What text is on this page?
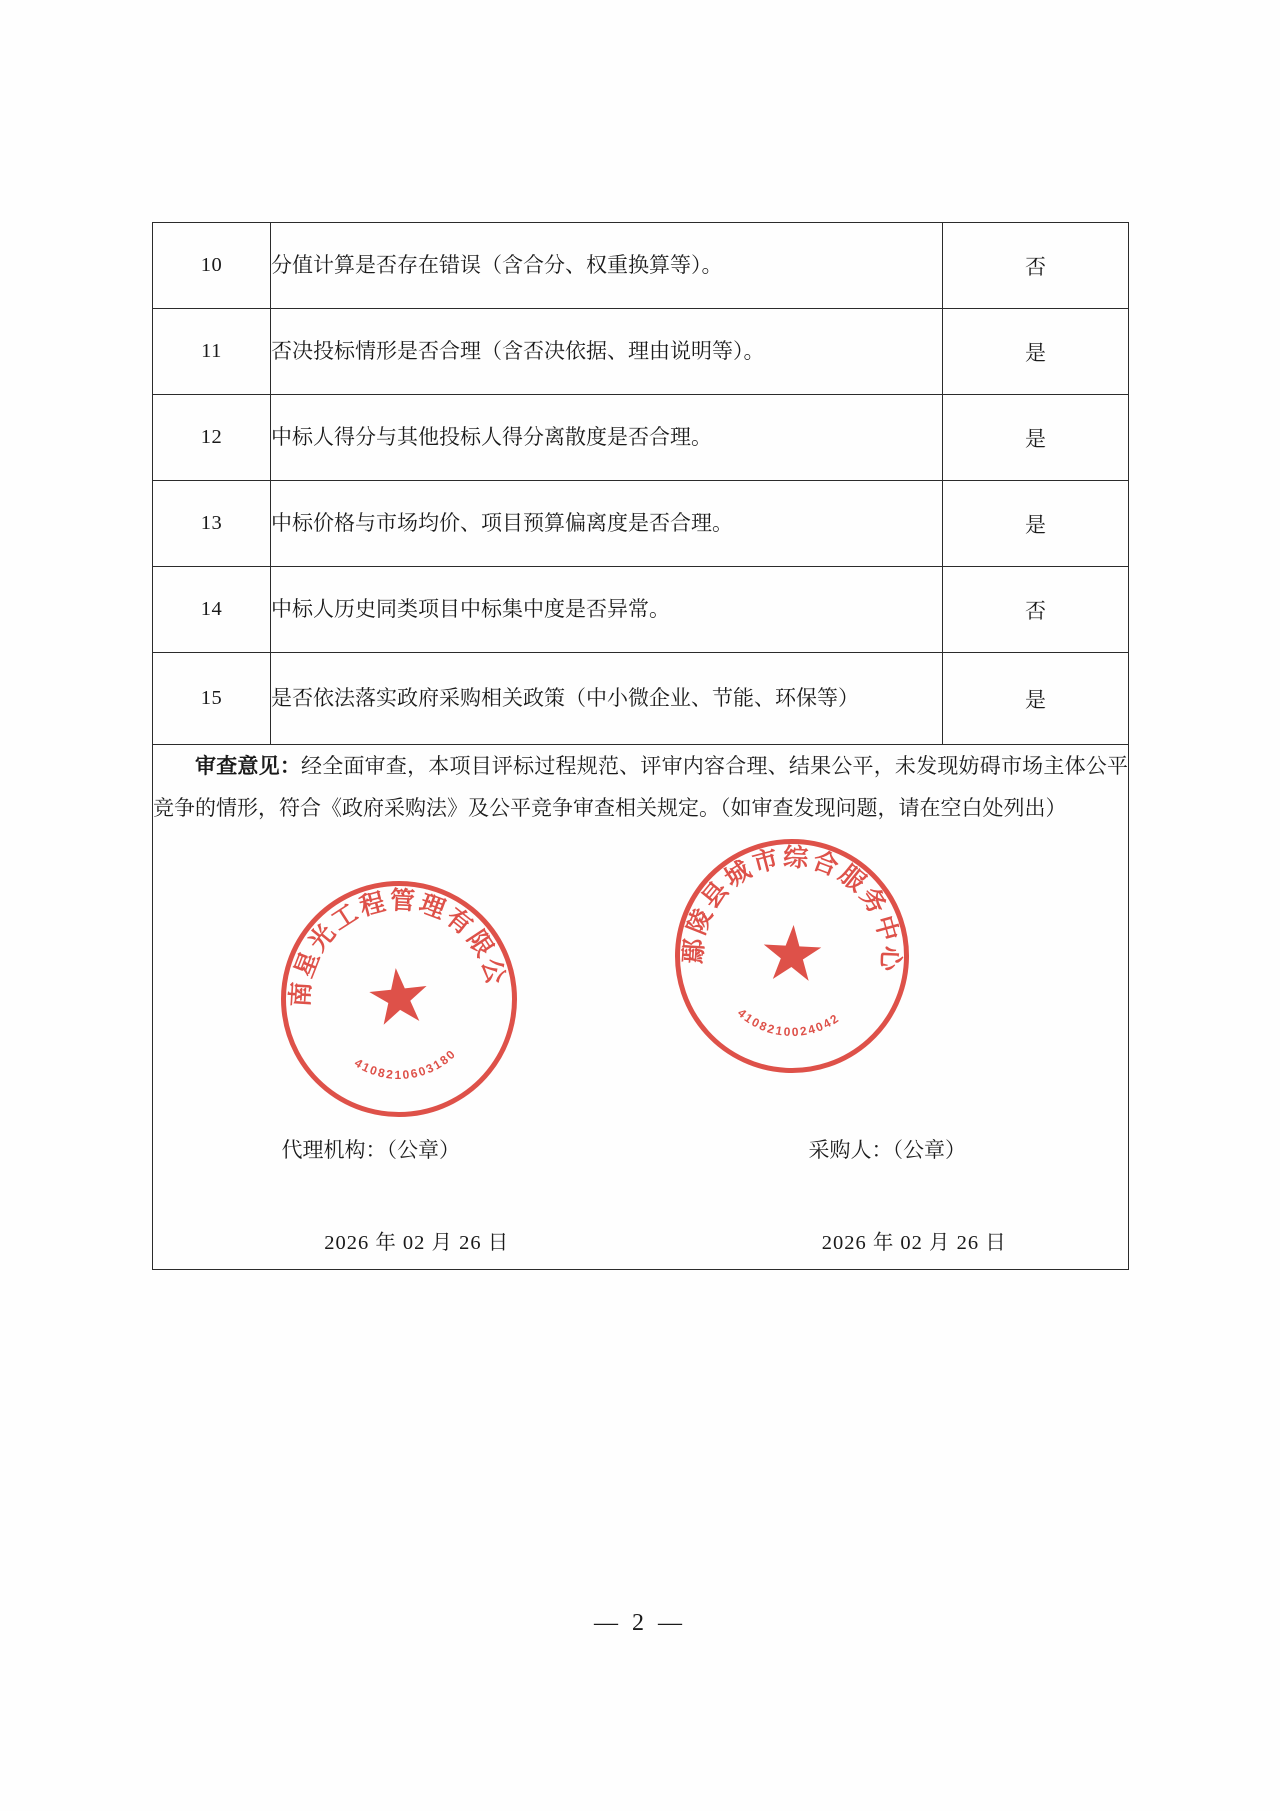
10	分值计算是否存在错误（含合分、权重换算等）。	否
11	否决投标情形是否合理（含否决依据、理由说明等）。	是
12	中标人得分与其他投标人得分离散度是否合理。	是
13	中标价格与市场均价、项目预算偏离度是否合理。	是
14	中标人历史同类项目中标集中度是否异常。	否
15	是否依法落实政府采购相关政策（中小微企业、节能、环保等）	是

审查意见：经全面审查，本项目评标过程规范、评审内容合理、结果公平，未发现妨碍市场主体公平竞争的情形，符合《政府采购法》及公平竞争审查相关规定。（如审查发现问题，请在空白处列出）
河南星光工程管理有限公司
4108210603180
★
鄢陵县城市综合服务中心
4108210024042
★
代理机构：（公章）
2026 年 02 月 26 日
采购人：（公章）
2026 年 02 月 26 日
— 2 —
